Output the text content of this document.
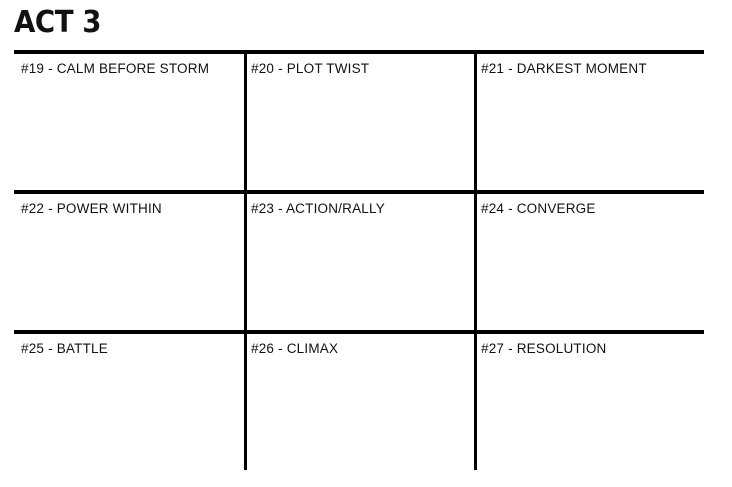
ACT 3
#19 - CALM BEFORE STORM	#20 - PLOT TWIST	#21 - DARKEST MOMENT
#22 - POWER WITHIN	#23 - ACTION/RALLY	#24 - CONVERGE
#25 - BATTLE	#26 - CLIMAX	#27 - RESOLUTION
